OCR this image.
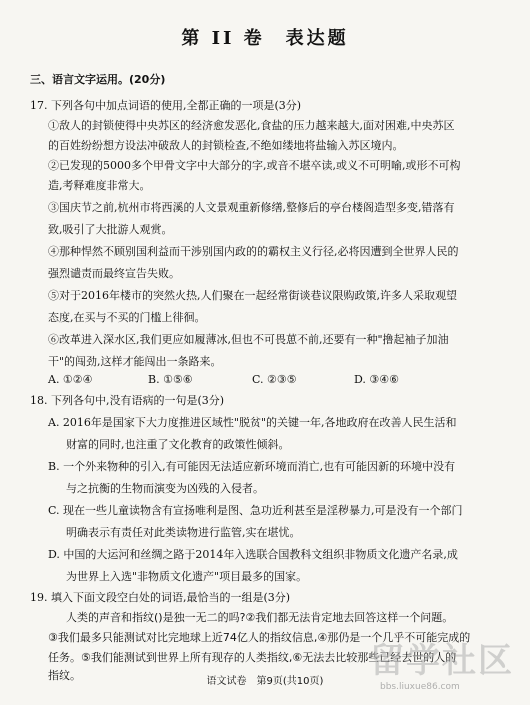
第 II 卷　表达题
三、语言文字运用。(20分)
17. 下列各句中加点词语的使用,全都正确的一项是(3分)
①敌人的封锁使得中央苏区的经济愈发恶化,食盐的压力越来越大,面对困难,中央苏区
的百姓纷纷想方设法冲破敌人的封锁检查,不绝如缕地将盐输入苏区境内。
②已发现的5000多个甲骨文字中大部分的字,或音不堪卒读,或义不可明喻,或形不可构
造,考释难度非常大。
③国庆节之前,杭州市将西溪的人文景观重新修缮,整修后的亭台楼阁造型多变,错落有
致,吸引了大批游人观赏。
④那种悍然不顾别国利益而干涉别国内政的的霸权主义行径,必将因遭到全世界人民的
强烈谴责而最终宣告失败。
⑤对于2016年楼市的突然火热,人们聚在一起经常街谈巷议限购政策,许多人采取观望
态度,在买与不买的门槛上徘徊。
⑥改革进入深水区,我们更应如履薄冰,但也不可畏葸不前,还要有一种"撸起袖子加油
干"的闯劲,这样才能闯出一条路来。
A. ①②④	B. ①⑤⑥	C. ②③⑤	D. ③④⑥
18. 下列各句中,没有语病的一句是(3分)
A. 2016年是国家下大力度推进区域性"脱贫"的关键一年,各地政府在改善人民生活和
财富的同时,也注重了文化教育的政策性倾斜。
B. 一个外来物种的引入,有可能因无法适应新环境而消亡,也有可能因新的环境中没有
与之抗衡的生物而演变为凶残的入侵者。
C. 现在一些儿童读物含有宣扬唯利是图、急功近利甚至是淫秽暴力,可是没有一个部门
明确表示有责任对此类读物进行监管,实在堪忧。
D. 中国的大运河和丝绸之路于2014年入选联合国教科文组织非物质文化遗产名录,成
为世界上入选"非物质文化遗产"项目最多的国家。
19. 填入下面文段空白处的词语,最恰当的一组是(3分)
人类的声音和指纹()是独一无二的吗?②我们都无法肯定地去回答这样一个问题。
③我们最多只能测试对比完地球上近74亿人的指纹信息,④那仍是一个几乎不可能完成的
任务。⑤我们能测试到世界上所有现存的人类指纹,⑥无法去比较那些已经去世的人的
指纹。	语文试卷　第9页(共10页)
留学社区
bbs.liuxue86.com
